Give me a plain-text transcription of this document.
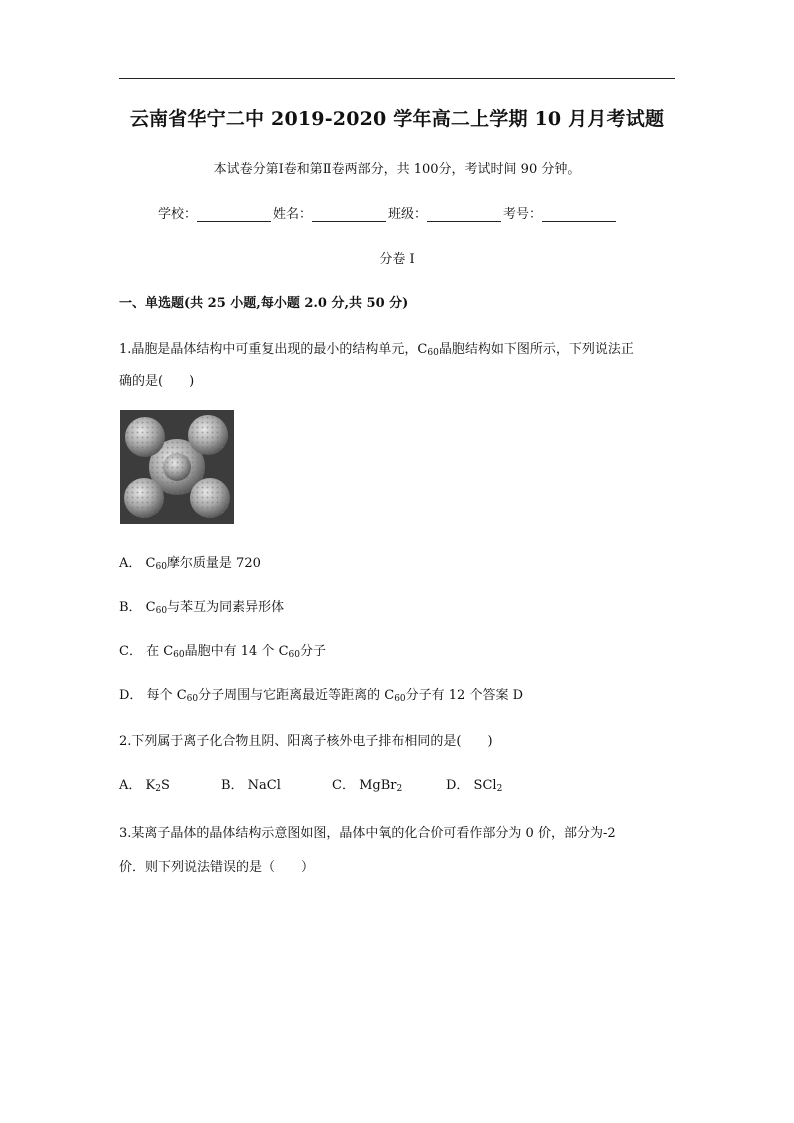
云南省华宁二中 2019-2020 学年高二上学期 10 月月考试题
本试卷分第Ⅰ卷和第Ⅱ卷两部分，共 100分，考试时间 90 分钟。
学校：	姓名：	班级：	考号：
分卷 I
一、单选题(共 25 小题,每小题 2.0 分,共 50 分)
1.晶胞是晶体结构中可重复出现的最小的结构单元，$C_{60}$晶胞结构如下图所示，下列说法正
确的是(　　)
A． $C_{60}$摩尔质量是 720
B． $C_{60}$与苯互为同素异形体
C． 在 $C_{60}$晶胞中有 14 个 $C_{60}$分子
D． 每个 $C_{60}$分子周围与它距离最近等距离的 $C_{60}$分子有 12 个答案 D
2.下列属于离子化合物且阴、阳离子核外电子排布相同的是(　　)
A． $K_2S$	B． NaCl	C． MgBr$_2$	D． SCl$_2$
3.某离子晶体的晶体结构示意图如图，晶体中氧的化合价可看作部分为 0 价，部分为-2
价．则下列说法错误的是（　　）
